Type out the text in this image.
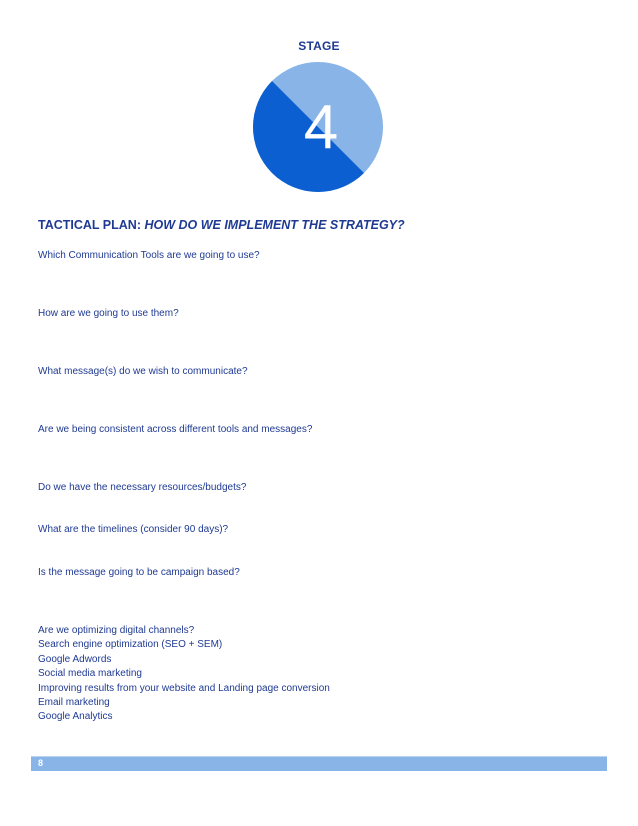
STAGE
4
TACTICAL PLAN: HOW DO WE IMPLEMENT THE STRATEGY?
Which Communication Tools are we going to use?
How are we going to use them?
What message(s) do we wish to communicate?
Are we being consistent across different tools and messages?
Do we have the necessary resources/budgets?
What are the timelines (consider 90 days)?
Is the message going to be campaign based?
Are we optimizing digital channels?
Search engine optimization (SEO + SEM)
Google Adwords
Social media marketing
Improving results from your website and Landing page conversion
Email marketing
Google Analytics
8
